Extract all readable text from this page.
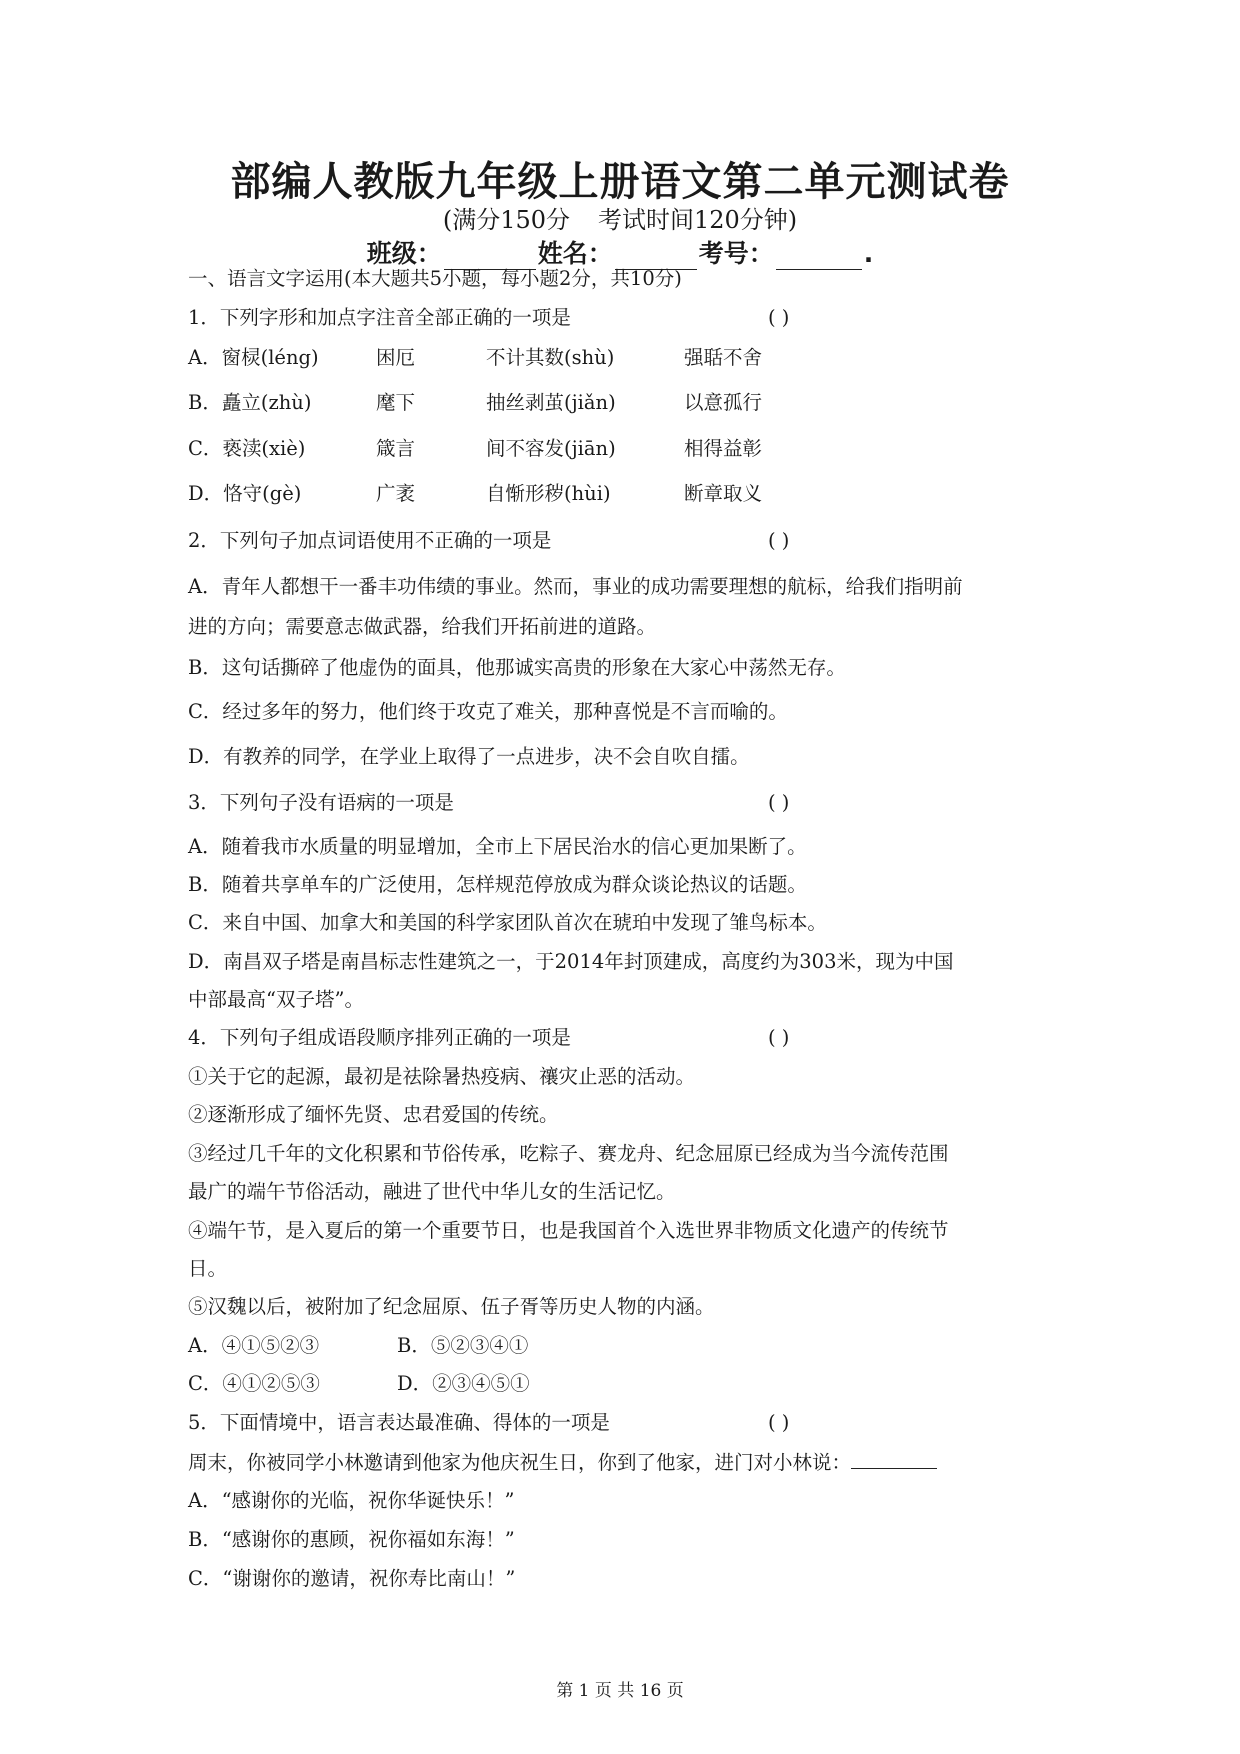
部编人教版九年级上册语文第二单元测试卷
(满分150分 考试时间120分钟)
班级：	姓名：	考号：	.
一、语言文字运用(本大题共5小题，每小题2分，共10分)
1．下列字形和加点字注音全部正确的一项是	( )
A．窗棂(léng)	困厄	不计其数(shù)	强聒不舍
B．矗立(zhù)	麾下	抽丝剥茧(jiǎn)	以意孤行
C．亵渎(xiè)	箴言	间不容发(jiān)	相得益彰
D．恪守(gè)	广袤	自惭形秽(hùi)	断章取义
2．下列句子加点词语使用不正确的一项是	( )
A．青年人都想干一番丰功伟绩的事业。然而，事业的成功需要理想的航标，给我们指明前
进的方向；需要意志做武器，给我们开拓前进的道路。
B．这句话撕碎了他虚伪的面具，他那诚实高贵的形象在大家心中荡然无存。
C．经过多年的努力，他们终于攻克了难关，那种喜悦是不言而喻的。
D．有教养的同学，在学业上取得了一点进步，决不会自吹自擂。
3．下列句子没有语病的一项是	( )
A．随着我市水质量的明显增加，全市上下居民治水的信心更加果断了。
B．随着共享单车的广泛使用，怎样规范停放成为群众谈论热议的话题。
C．来自中国、加拿大和美国的科学家团队首次在琥珀中发现了雏鸟标本。
D．南昌双子塔是南昌标志性建筑之一，于2014年封顶建成，高度约为303米，现为中国
中部最高“双子塔”。
4．下列句子组成语段顺序排列正确的一项是	( )
①关于它的起源，最初是祛除暑热疫病、禳灾止恶的活动。
②逐渐形成了缅怀先贤、忠君爱国的传统。
③经过几千年的文化积累和节俗传承，吃粽子、赛龙舟、纪念屈原已经成为当今流传范围
最广的端午节俗活动，融进了世代中华儿女的生活记忆。
④端午节，是入夏后的第一个重要节日，也是我国首个入选世界非物质文化遗产的传统节
日。
⑤汉魏以后，被附加了纪念屈原、伍子胥等历史人物的内涵。
A．④①⑤②③	B．⑤②③④①
C．④①②⑤③	D．②③④⑤①
5．下面情境中，语言表达最准确、得体的一项是	( )
周末，你被同学小林邀请到他家为他庆祝生日，你到了他家，进门对小林说：
A．“感谢你的光临，祝你华诞快乐！”
B．“感谢你的惠顾，祝你福如东海！”
C．“谢谢你的邀请，祝你寿比南山！”
第 1 页 共 16 页
